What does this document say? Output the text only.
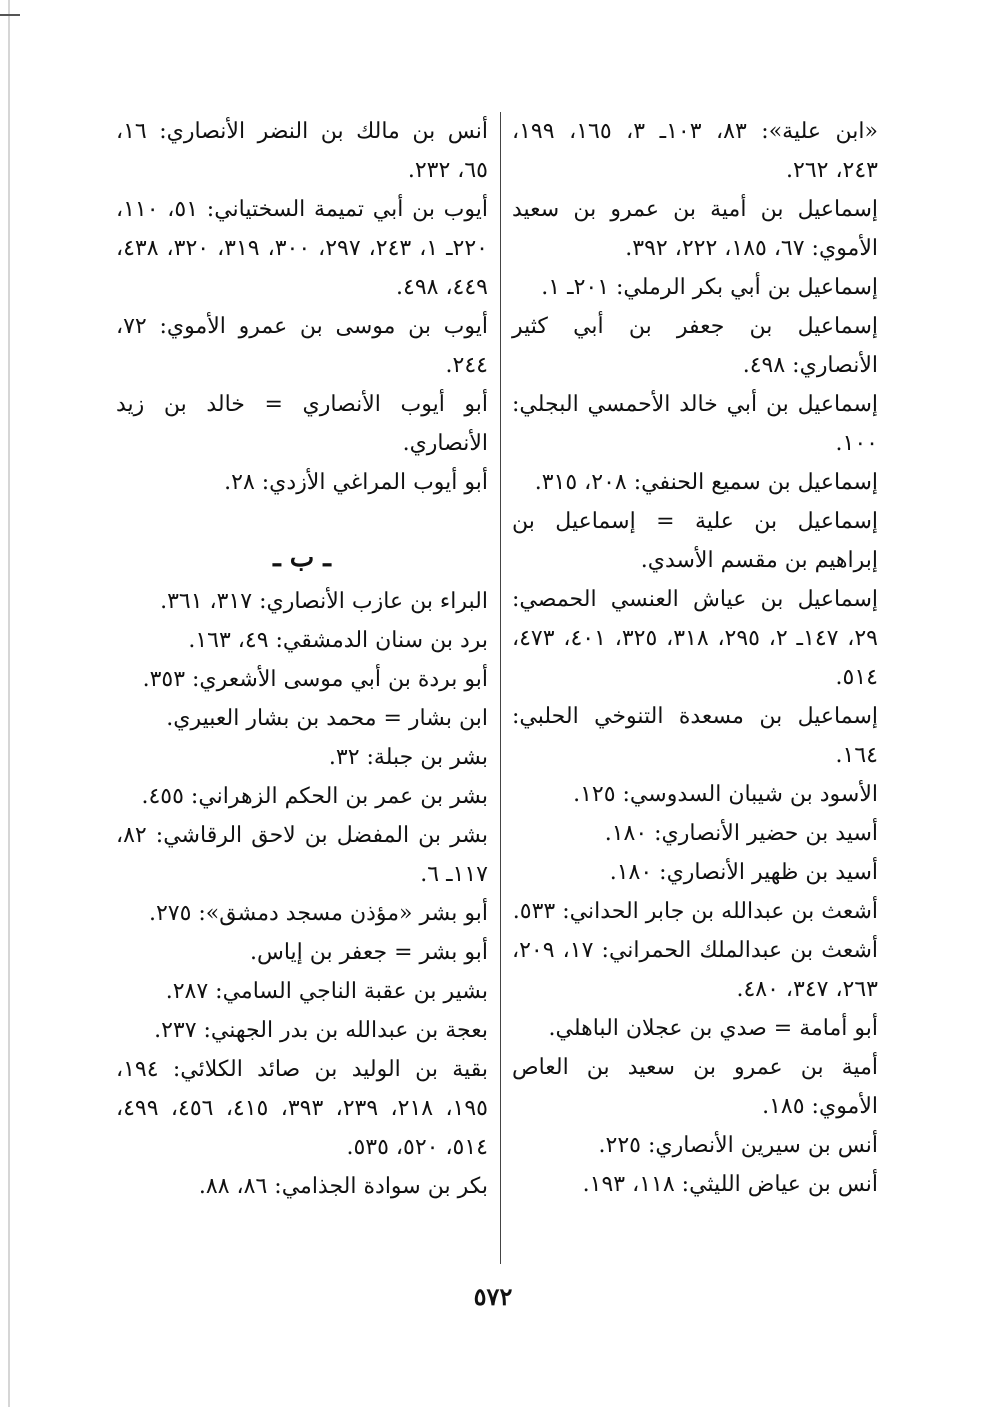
«ابن علية»: ٨٣، ١٠٣ـ ٣، ١٦٥، ١٩٩، ٢٤٣، ٢٦٢.
إسماعيل بن أمية بن عمرو بن سعيد الأموي: ٦٧، ١٨٥، ٢٢٢، ٣٩٢.
إسماعيل بن أبي بكر الرملي: ٢٠١ـ ١.
إسماعيل بن جعفر بن أبي كثير الأنصاري: ٤٩٨.
إسماعيل بن أبي خالد الأحمسي البجلي: ١٠٠.
إسماعيل بن سميع الحنفي: ٢٠٨، ٣١٥.
إسماعيل بن علية = إسماعيل بن إبراهيم بن مقسم الأسدي.
إسماعيل بن عياش العنسي الحمصي: ٢٩، ١٤٧ـ ٢، ٢٩٥، ٣١٨، ٣٢٥، ٤٠١، ٤٧٣، ٥١٤.
إسماعيل بن مسعدة التنوخي الحلبي: ١٦٤.
الأسود بن شيبان السدوسي: ١٢٥.
أسيد بن حضير الأنصاري: ١٨٠.
أسيد بن ظهير الأنصاري: ١٨٠.
أشعث بن عبدالله بن جابر الحداني: ٥٣٣.
أشعث بن عبدالملك الحمراني: ١٧، ٢٠٩، ٢٦٣، ٣٤٧، ٤٨٠.
أبو أمامة = صدي بن عجلان الباهلي.
أمية بن عمرو بن سعيد بن العاص الأموي: ١٨٥.
أنس بن سيرين الأنصاري: ٢٢٥.
أنس بن عياض الليثي: ١١٨، ١٩٣.
أنس بن مالك بن النضر الأنصاري: ١٦، ٦٥، ٢٣٢.
أيوب بن أبي تميمة السختياني: ٥١، ١١٠، ٢٢٠ـ ١، ٢٤٣، ٢٩٧، ٣٠٠، ٣١٩، ٣٢٠، ٤٣٨، ٤٤٩، ٤٩٨.
أيوب بن موسى بن عمرو الأموي: ٧٢، ٢٤٤.
أبو أيوب الأنصاري = خالد بن زيد الأنصاري.
أبو أيوب المراغي الأزدي: ٢٨.
ـ ب ـ
البراء بن عازب الأنصاري: ٣١٧، ٣٦١.
برد بن سنان الدمشقي: ٤٩، ١٦٣.
أبو بردة بن أبي موسى الأشعري: ٣٥٣.
ابن بشار = محمد بن بشار العبيري.
بشر بن جبلة: ٣٢.
بشر بن عمر بن الحكم الزهراني: ٤٥٥.
بشر بن المفضل بن لاحق الرقاشي: ٨٢، ١١٧ـ ٦.
أبو بشر «مؤذن مسجد دمشق»: ٢٧٥.
أبو بشر = جعفر بن إياس.
بشير بن عقبة الناجي السامي: ٢٨٧.
بعجة بن عبدالله بن بدر الجهني: ٢٣٧.
بقية بن الوليد بن صائد الكلائي: ١٩٤، ١٩٥، ٢١٨، ٢٣٩، ٣٩٣، ٤١٥، ٤٥٦، ٤٩٩، ٥١٤، ٥٢٠، ٥٣٥.
بكر بن سوادة الجذامي: ٨٦، ٨٨.
٥٧٢
